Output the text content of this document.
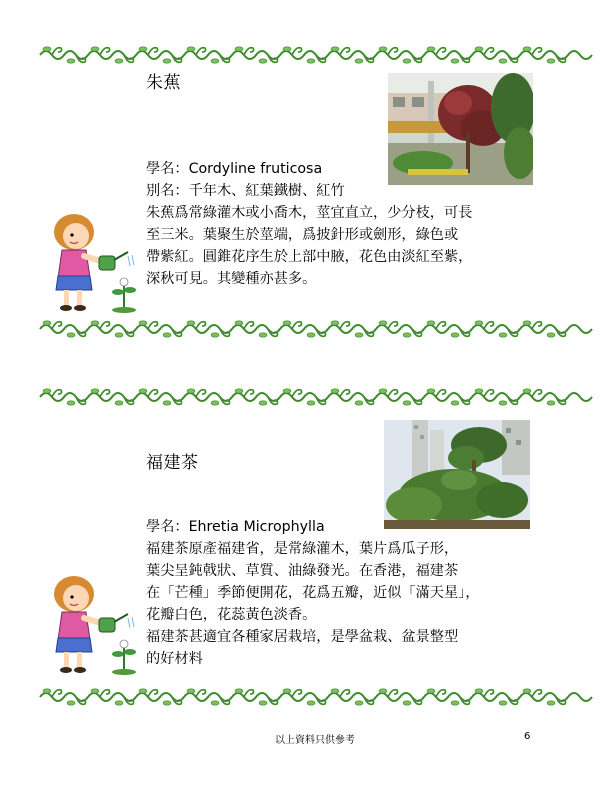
朱蕉
學名：Cordyline fruticosa
別名：千年木、紅葉鐵樹、紅竹
朱蕉爲常綠灌木或小喬木，莖宜直立，少分枝，可長
至三米。葉聚生於莖端，爲披針形或劍形，綠色或
帶紫紅。圓錐花序生於上部中腋，花色由淡紅至紫，
深秋可見。其變種亦甚多。
福建茶
學名：Ehretia Microphylla
福建茶原產福建省，是常綠灌木，葉片爲瓜子形，
葉尖呈鈍戟狀、草質、油綠發光。在香港，福建茶
在「芒種」季節便開花，花爲五瓣，近似「滿天星」，
花瓣白色，花蕊黃色淡香。
福建茶甚適宜各種家居栽培，是學盆栽、盆景整型
的好材料
以上資料只供參考	6
